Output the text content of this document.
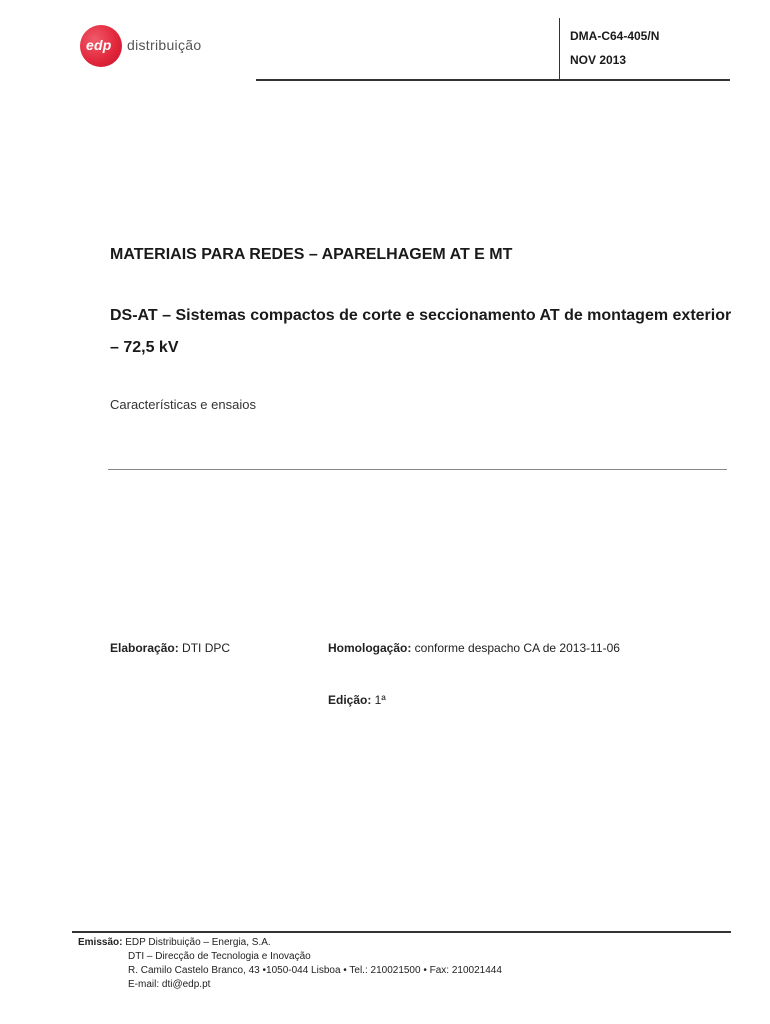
edp distribuição
DMA-C64-405/N
NOV 2013
MATERIAIS PARA REDES – APARELHAGEM AT E MT
DS-AT – Sistemas compactos de corte e seccionamento AT de montagem exterior
– 72,5 kV
Características e ensaios
Elaboração: DTI DPC	Homologação: conforme despacho CA de 2013-11-06
Edição: 1ª
Emissão: EDP Distribuição – Energia, S.A.
DTI – Direcção de Tecnologia e Inovação
R. Camilo Castelo Branco, 43 •1050-044 Lisboa • Tel.: 210021500 • Fax: 210021444
E-mail: dti@edp.pt
